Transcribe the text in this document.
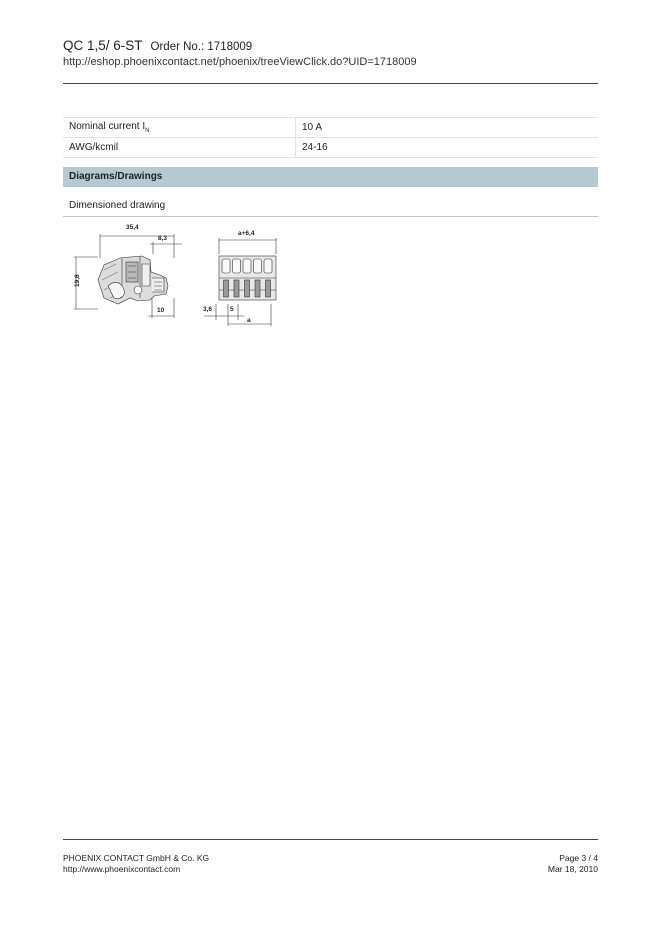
QC 1,5/ 6-ST Order No.: 1718009
http://eshop.phoenixcontact.net/phoenix/treeViewClick.do?UID=1718009
Nominal current $I_N$	10 A
AWG/kcmil	24-16
Diagrams/Drawings
Dimensioned drawing
35,4
8,3
19,6
10
a+6,4
3,6	5
a
PHOENIX CONTACT GmbH & Co. KG
http://www.phoenixcontact.com
Page 3 / 4
Mar 18, 2010
